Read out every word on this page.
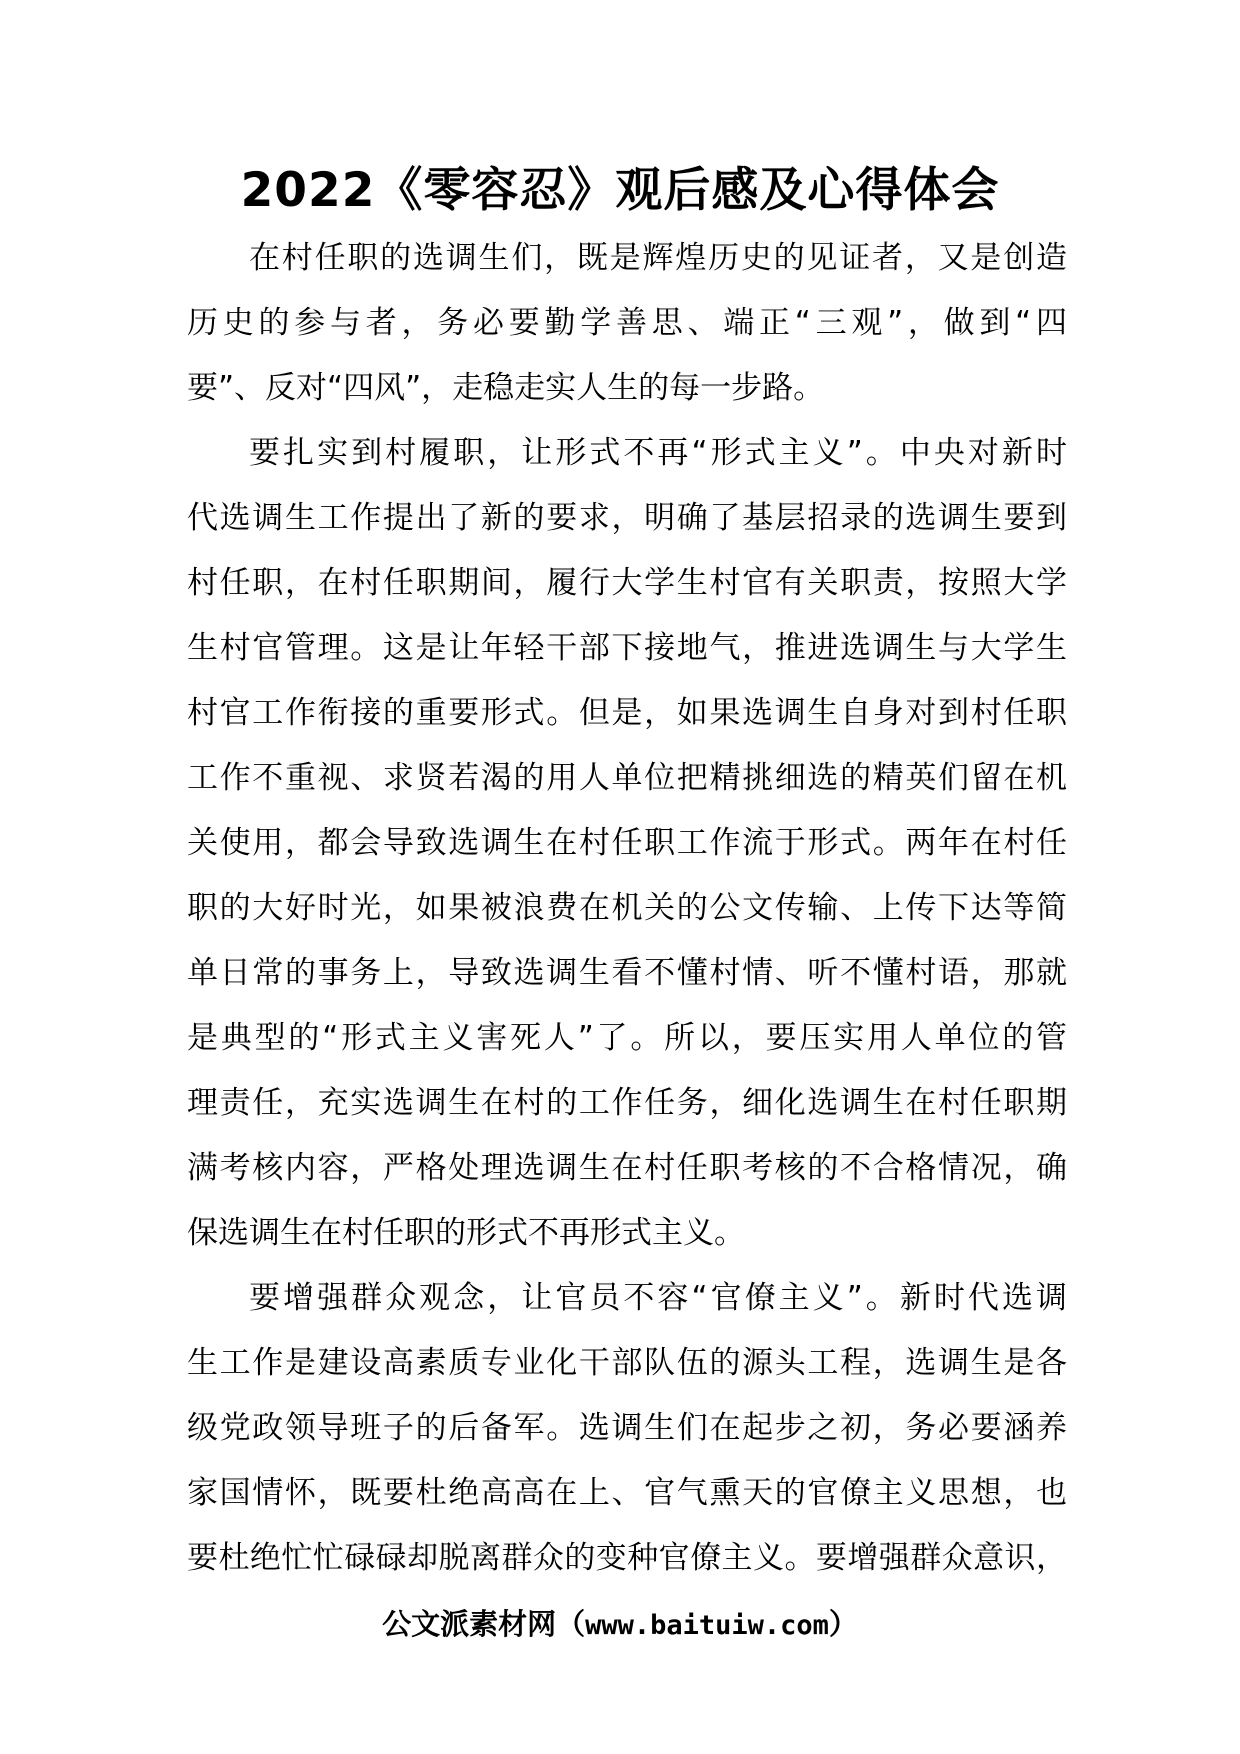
2022《零容忍》观后感及心得体会
在村任职的选调生们，既是辉煌历史的见证者，又是创造
历史的参与者，务必要勤学善思、端正“三观”，做到“四
要”、反对“四风”，走稳走实人生的每一步路。
要扎实到村履职，让形式不再“形式主义”。中央对新时
代选调生工作提出了新的要求，明确了基层招录的选调生要到
村任职，在村任职期间，履行大学生村官有关职责，按照大学
生村官管理。这是让年轻干部下接地气，推进选调生与大学生
村官工作衔接的重要形式。但是，如果选调生自身对到村任职
工作不重视、求贤若渴的用人单位把精挑细选的精英们留在机
关使用，都会导致选调生在村任职工作流于形式。两年在村任
职的大好时光，如果被浪费在机关的公文传输、上传下达等简
单日常的事务上，导致选调生看不懂村情、听不懂村语，那就
是典型的“形式主义害死人”了。所以，要压实用人单位的管
理责任，充实选调生在村的工作任务，细化选调生在村任职期
满考核内容，严格处理选调生在村任职考核的不合格情况，确
保选调生在村任职的形式不再形式主义。
要增强群众观念，让官员不容“官僚主义”。新时代选调
生工作是建设高素质专业化干部队伍的源头工程，选调生是各
级党政领导班子的后备军。选调生们在起步之初，务必要涵养
家国情怀，既要杜绝高高在上、官气熏天的官僚主义思想，也
要杜绝忙忙碌碌却脱离群众的变种官僚主义。要增强群众意识，
公文派素材网（www.baituiw.com）
